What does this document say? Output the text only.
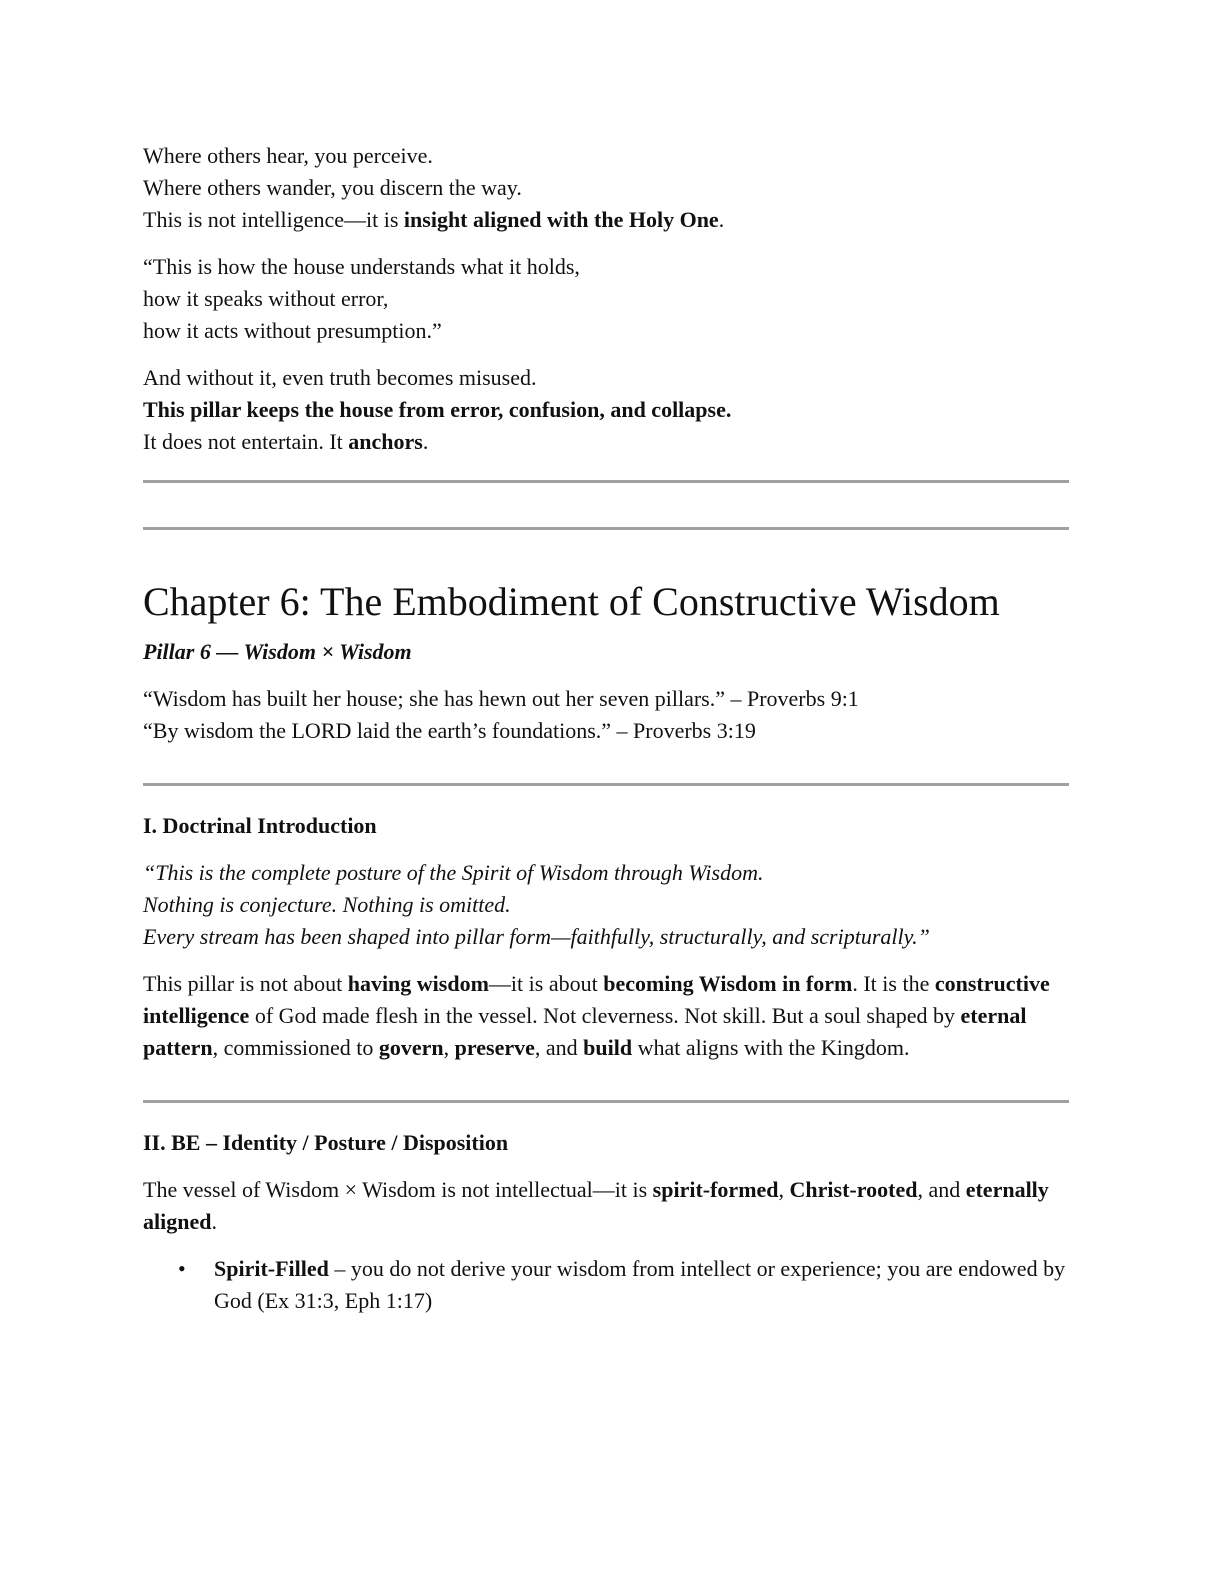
Where others hear, you perceive.

Where others wander, you discern the way.

This is not intelligence—it is insight aligned with the Holy One.

“This is how the house understands what it holds,

how it speaks without error,

how it acts without presumption.”

And without it, even truth becomes misused.

This pillar keeps the house from error, confusion, and collapse.

It does not entertain. It anchors.

Chapter 6: The Embodiment of Constructive Wisdom

Pillar 6 — Wisdom × Wisdom

“Wisdom has built her house; she has hewn out her seven pillars.” – Proverbs 9:1

“By wisdom the LORD laid the earth’s foundations.” – Proverbs 3:19

I. Doctrinal Introduction

“This is the complete posture of the Spirit of Wisdom through Wisdom.

Nothing is conjecture. Nothing is omitted.

Every stream has been shaped into pillar form—faithfully, structurally, and scripturally.”

This pillar is not about having wisdom—it is about becoming Wisdom in form. It is the constructive intelligence of God made flesh in the vessel. Not cleverness. Not skill. But a soul shaped by eternal pattern, commissioned to govern, preserve, and build what aligns with the Kingdom.

II. BE – Identity / Posture / Disposition

The vessel of Wisdom × Wisdom is not intellectual—it is spirit-formed, Christ-rooted, and eternally aligned.

• Spirit-Filled – you do not derive your wisdom from intellect or experience; you are endowed by God (Ex 31:3, Eph 1:17)
